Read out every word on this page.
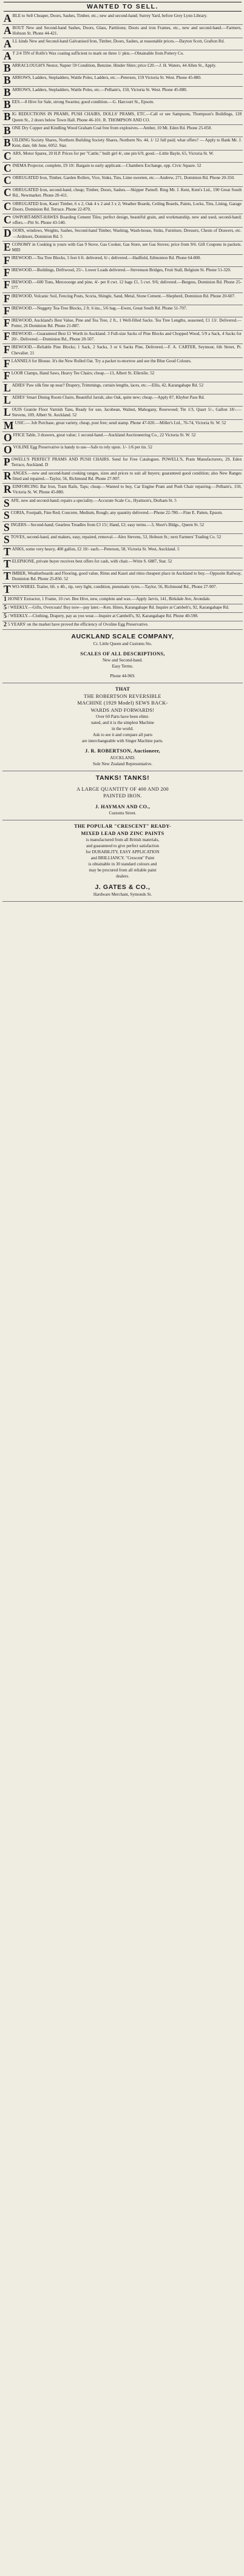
WANTED TO SELL.
ABLE to Sell Cheaper, Doors, Sashes, Timber, etc.; new and second-hand; Surrey Yard, before Grey Lynn Library.
ABOUT New and Second-hand Sashes, Doors, Glass, Partitions; Doors and iron Frames, etc., new and second-hand.—Farmers, Hobson St. Phone 44-421.
ALL kinds New and Second-hand Galvanised Iron, Timber, Doors, Sashes, at reasonable prices.—Dayton Scott, Grafton Rd.
A T 2/4 TIN of Rolfe's Wax coating sufficient to mark on three 1/ pkts.—Obtainable from Pottery Co.
BARRACLOUGH'S Nestor, Napier 59 Condition, Benzine. Hinder Shire; price £20.—J. H. Waters, 44 Allen St., Apply.
BARROWS, Ladders, Stepladders, Wattle Poles, Ladders, etc.—Petersen, 159 Victoria St. West. Phone 45-880.
BARROWS, Ladders, Stepladders, Wattle Poles, etc.—Pelham's, 150, Victoria St. West. Phone 45-880.
BEES.—8 Hive for Sale, strong Swarms; good condition.—G. Harcourt St., Epsom.
BIG REDUCTIONS IN PRAMS, PUSH CHAIRS, DOLLS' PRAMS, ETC.—Call or see Sampsons, Thompson's Buildings, 128 Queen St., 2 doors below Town Hall. Phone 46-101. R. THOMPSON AND CO.
BONE Dry Copper and Kindling Wood Graham Coal free from explosives.—Amber, 10 Mt. Eden Rd. Phone 25-050.
BUILDING Society Shares, Northern Building Society Shares, Northern No. 44, 1/ 12 full paid; what offers? — Apply to Bank Mr. J. Kent, date, 6th June, 6052. Star.
CARS, Motor Spares, 20 H.P. Prices for per "Cattle," built girl 4/, one pin 6/9, good.—Little Bayle, 65, Victoria St. W.
CINEMA Projector, complete, £9 10/. Bargain to early applicant.—Chambers Exchange, opp. Civic Square. 52
CORRUGATED Iron, Timber, Garden Rollers, Vice, Sinks, Tins, Lime sweeten, etc.—Andrew, 271, Dominion Rd. Phone 20-350.
CORRUGATED Iron, second-hand, cheap; Timber, Doors, Sashes.—Skipper Parnell. Ring Mr. J. Kent, Kent's Ltd., 190 Great South Rd., Newmarket. Phone 20-411.
CORRUGATED Iron, Kauri Timber, 6 x 2, Oak 4 x 2 and 3 x 2; Weather Boards, Ceiling Boards, Paints, Locks, Tins, Lining, Garage Doors. Dominion Rd. Terrace. Phone 22-870.
COWPORT-MINT-HAWES Boarding Cement Tiles; perfect design, beautiful grain, and workmanship, new and used, second-hand; offers.—Pitt St. Phone 43-540.
DOORS, windows, Weights, Sashes, Second-hand Timber, Washing, Wash-house, Sinks, Furniture, Dressers, Chests of Drawers, etc.—Ardmore, Dominion Rd. 5
ECONOMY in Cooking is yours with Gas 9 Stove, Gas Cooker, Gas Store, see Gas Stoves; price from 9/6. Gift Coupons in packets. MID
FIREWOOD.—Tea Tree Blocks, 5 feet 6 ft. delivered, 6/-; delivered.—Hadfield, Edmonton Rd. Phone 64-800.
FIREWOOD.—Buildings, Driftwood, 25/-. Lower Loads delivered.—Stevenson Bridges, Fruit Stall, Belgium St. Phone 51-320.
FIREWOOD.—600 Tons, Merceoorge and pine, 4/- per 8 cwt. 12 bags £1, 5 cwt. 9/6; delivered.—Burgess, Dominion Rd. Phone 25-577.
FIREWOOD, Volcanic Soil, Fencing Posts, Scoria, Shingle, Sand, Metal, Stone Cement.—Shepherd, Dominion Rd. Phone 20-607.
FIREWOOD.—Nuggety Tea-Tree Blocks, 2 ft. 6 ins., 5/6 bag.—Ewen, Great South Rd. Phone 51-707.
FIREWOOD, Auckland's Best Value, Pine and Tea Tree, 2 ft., 1 Well-filled Sacks. Tea Tree Lengths, seasoned, £1 13/. Delivered.—Potter, 26 Dominion Rd. Phone 21-887.
FIREWOOD.—Guaranteed Best £1 Worth in Auckland. 3 Full-size Sacks of Pine Blocks and Chopped Wood, 5/9 a Sack, 4 Sacks for 20/-. Delivered.—Dominion Rd., Phone 20-507.
FIREWOOD.—Reliable Pine Blocks; 1 Sack, 2 Sacks, 3 or 6 Sacks Pine, Delivered.—F. A. CARTER, Seymour, 6th Street, Pt. Chevalier. 21
FLANNELS for Blouse. It's the New Rolled Oat. Try a packet to-morrow and see the Blue Good Colours.
FLOOR Clamps, Hand Saws, Heavy Tee Chairs; cheap.—13, Albert St. Ellerslie. 52
LADIES' Paw silk fine up near? Drapery, Trimmings, curtain lengths, laces, etc.—Ellis, 42, Karangahape Rd. 52
LADIES' Smart Dining Room Chairs, Beautiful Jarrah, also Oak, quite new; cheap.—Apply 87, Khyber Pass Rd.
LOUIS Granite Floor Varnish Tans, Ready for use, Jacobean, Walnut, Mahogany, Rosewood; Tin 1/3, Quart 5/-, Gallon 18/-.—Stevens, 109, Albert St. Auckland. 52
MUSIC.— Job Purchase, great variety, cheap, post free; send stamp. Phone 47-020.—Miller's Ltd., 76-74, Victoria St. W. 52
OFFICE Table, 3 drawers, great value; 1 second-hand.—Auckland Auctioneering Co., 22 Victoria St. W. 52
OVOLINE Egg Preservative is handy to use—Safe to rely upon. 1/- 1/6 per tin. 52
POWELL'S PERFECT PRAMS AND PUSH CHAIRS. Send for Free Catalogues. POWELL'S, Pram Manufacturers, 29, Eden Terrace, Auckland. D
RANGES.—new and second-hand cooking ranges, sizes and prices to suit all buyers; guaranteed good condition; also New Ranges fitted and repaired.—Taylor, 56, Richmond Rd. Phone 27-907.
REINFORCING Bar Iron, Tram Rails, Taps; cheap.—Wanted to buy, Car Engine Pram and Push Chair repairing.—Pelham's, 150, Victoria St. W. Phone 45-880.
SAFE, new and second-hand; repairs a speciality.—Accurate Scale Co., Hyattson's, Durham St. 5
SCORIA, Footpath, Fine Red; Concrete, Medium, Rough; any quantity delivered.—Phone 22-780.—Fine E. Patten, Epsom.
SINGERS—Second-hand; Gearless Treadles from £3 15/; Hand, £2; easy terms.—3, Short's Bldgs., Queen St. 52
STOVES, second-hand, and makers, easy, repaired, removal.—Alex Stevens, 53, Hobson St.; next Farmers' Trading Co. 52
TANKS, some very heavy, 400 gallon, £2 10/- each.—Peterson, 58, Victoria St. West, Auckland. 5
TELEPHONE, private buyer receives best offers for cash, with chair.—Write S. 6887, Star. 52
TIMBER, Weatherboards and Flooring, good value, Rimu and Kauri and rimu cheapest place in Auckland to buy.—Opposite Railway, Dominion Rd. Phone 25-850. 52
TWO-WHEEL Trailer, 6ft. x 4ft., tip, very light, condition, pneumatic tyres.—Taylor, 56, Richmond Rd., Phone 27-907.
1 HONEY Extractor, 1 Frame, 10 cwt. Bee Hive, new, complete and wax.—Apply Jarvis, 141, Birkdale Ave, Avondale.
5 / WEEKLY.—Gifts, Overcoats! Buy now—pay later.—Ken. Hines, Karangahape Rd. Inquire at Cambelt's, 92, Karangahape Rd.
5 / WEEKLY.—Clothing, Drapery, pay as you wear.—Inquire at Cambell's, 92, Karangahape Rd. Phone 40-598.
2 5 YEARS' on the market have proved the efficiency of Ovoline Egg Preservative.
AUCKLAND SCALE COMPANY,
Cr. Little Queen and Customs Sts.
SCALES OF ALL DESCRIPTIONS,
New and Second-hand.
Easy Terms.
Phone 44-969.
THAT
THE ROBERTSON REVERSIBLE
MACHINE (1929 Model) SEWS BACK-
WARDS AND FORWARDS!
Over 60 Parts have been elimi-
nated, and it is the simplest Machine
in the world.
Ask to see it and compare all parts
are interchangeable with Singer Machine parts.
J. R. ROBERTSON, Auctioneer,
AUCKLAND.
Sole New Zealand Representative.
TANKS! TANKS!
A LARGE QUANTITY OF 400 AND 200
PAINTED IRON.
J. HAYMAN AND CO.,
Customs Street.
THE POPULAR "CRESCENT" READY-
MIXED LEAD AND ZINC PAINTS
is manufactured from all British materials,
and guaranteed to give perfect satisfaction
for DURABILITY, EASY APPLICATION
and BRILLIANCY. "Crescent" Paint
is obtainable in 30 standard colours and
may be procured from all reliable paint
dealers.
J. GATES & CO.,
Hardware Merchant, Symonds St.
